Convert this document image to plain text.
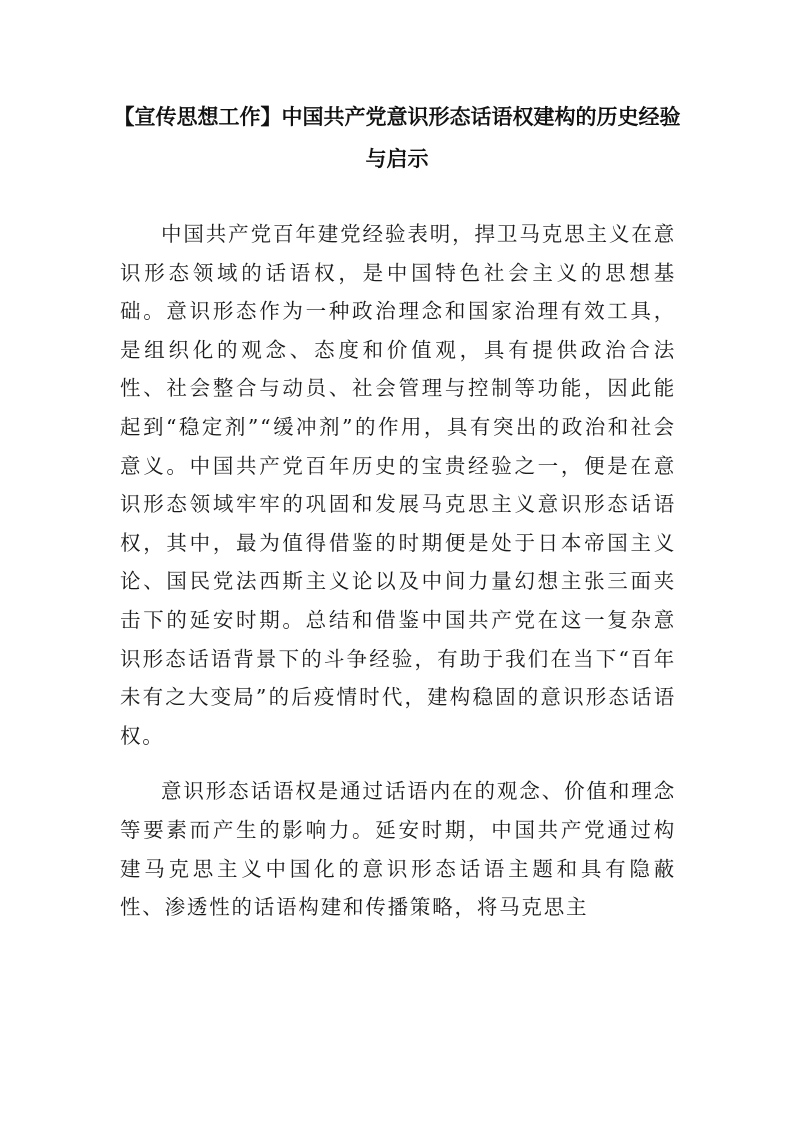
【宣传思想工作】中国共产党意识形态话语权建构的历史经验与启示

中国共产党百年建党经验表明，捍卫马克思主义在意识形态领域的话语权，是中国特色社会主义的思想基础。意识形态作为一种政治理念和国家治理有效工具，是组织化的观念、态度和价值观，具有提供政治合法性、社会整合与动员、社会管理与控制等功能，因此能起到“稳定剂”“缓冲剂”的作用，具有突出的政治和社会意义。中国共产党百年历史的宝贵经验之一，便是在意识形态领域牢牢的巩固和发展马克思主义意识形态话语权，其中，最为值得借鉴的时期便是处于日本帝国主义论、国民党法西斯主义论以及中间力量幻想主张三面夹击下的延安时期。总结和借鉴中国共产党在这一复杂意识形态话语背景下的斗争经验，有助于我们在当下“百年未有之大变局”的后疫情时代，建构稳固的意识形态话语权。

意识形态话语权是通过话语内在的观念、价值和理念等要素而产生的影响力。延安时期，中国共产党通过构建马克思主义中国化的意识形态话语主题和具有隐蔽性、渗透性的话语构建和传播策略，将马克思主
